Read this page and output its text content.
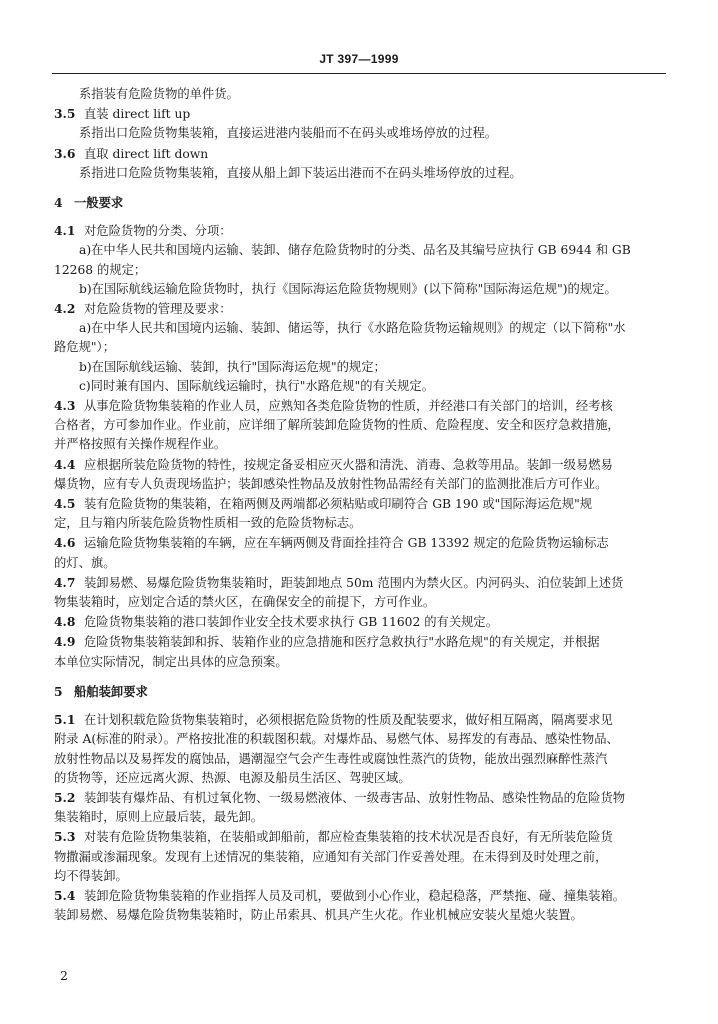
JT 397—1999

系指装有危险货物的单件货。

3.5 直装 direct lift up

系指出口危险货物集装箱，直接运进港内装船而不在码头或堆场停放的过程。

3.6 直取 direct lift down

系指进口危险货物集装箱，直接从船上卸下装运出港而不在码头堆场停放的过程。

4 一般要求

4.1 对危险货物的分类、分项：

a)在中华人民共和国境内运输、装卸、储存危险货物时的分类、品名及其编号应执行 GB 6944 和 GB

12268 的规定；

b)在国际航线运输危险货物时，执行《国际海运危险货物规则》(以下简称"国际海运危规")的规定。

4.2 对危险货物的管理及要求：

a)在中华人民共和国境内运输、装卸、储运等，执行《水路危险货物运输规则》的规定（以下简称"水

路危规"）；

b)在国际航线运输、装卸，执行"国际海运危规"的规定；

c)同时兼有国内、国际航线运输时，执行"水路危规"的有关规定。

4.3 从事危险货物集装箱的作业人员，应熟知各类危险货物的性质，并经港口有关部门的培训，经考核

合格者，方可参加作业。作业前，应详细了解所装卸危险货物的性质、危险程度、安全和医疗急救措施，

并严格按照有关操作规程作业。

4.4 应根据所装危险货物的特性，按规定备妥相应灭火器和清洗、消毒、急救等用品。装卸一级易燃易

爆货物，应有专人负责现场监护；装卸感染性物品及放射性物品需经有关部门的监测批准后方可作业。

4.5 装有危险货物的集装箱，在箱两侧及两端都必须粘贴或印刷符合 GB 190 或"国际海运危规"规

定，且与箱内所装危险货物性质相一致的危险货物标志。

4.6 运输危险货物集装箱的车辆，应在车辆两侧及背面拴挂符合 GB 13392 规定的危险货物运输标志

的灯、旗。

4.7 装卸易燃、易爆危险货物集装箱时，距装卸地点 50m 范围内为禁火区。内河码头、泊位装卸上述货

物集装箱时，应划定合适的禁火区，在确保安全的前提下，方可作业。

4.8 危险货物集装箱的港口装卸作业安全技术要求执行 GB 11602 的有关规定。

4.9 危险货物集装箱装卸和拆、装箱作业的应急措施和医疗急救执行"水路危规"的有关规定，并根据

本单位实际情况，制定出具体的应急预案。

5 船舶装卸要求

5.1 在计划积载危险货物集装箱时，必须根据危险货物的性质及配装要求，做好相互隔离，隔离要求见

附录 A(标准的附录）。严格按批准的积载图积载。对爆炸品、易燃气体、易挥发的有毒品、感染性物品、

放射性物品以及易挥发的腐蚀品，遇潮湿空气会产生毒性或腐蚀性蒸汽的货物，能放出强烈麻醉性蒸汽

的货物等，还应远离火源、热源、电源及船员生活区、驾驶区域。

5.2 装卸装有爆炸品、有机过氧化物、一级易燃液体、一级毒害品、放射性物品、感染性物品的危险货物

集装箱时，原则上应最后装，最先卸。

5.3 对装有危险货物集装箱，在装船或卸船前，都应检查集装箱的技术状况是否良好，有无所装危险货

物撒漏或渗漏现象。发现有上述情况的集装箱，应通知有关部门作妥善处理。在未得到及时处理之前，

均不得装卸。

5.4 装卸危险货物集装箱的作业指挥人员及司机，要做到小心作业，稳起稳落，严禁拖、碰、撞集装箱。

装卸易燃、易爆危险货物集装箱时，防止吊索具、机具产生火花。作业机械应安装火星熄火装置。

2
